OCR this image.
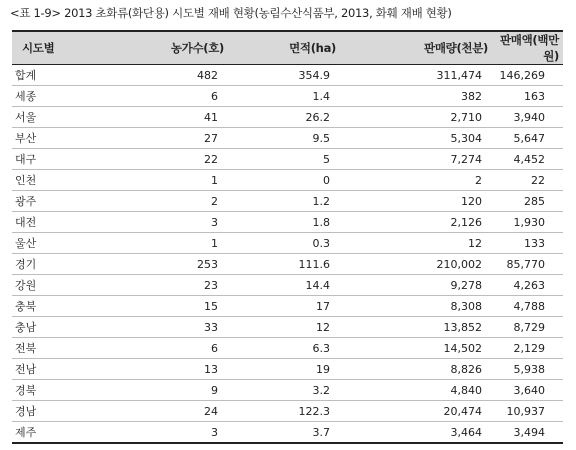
<표 1-9> 2013 초화류(화단용) 시도별 재배 현황(농림수산식품부, 2013, 화훼 재배 현황)
시도별	농가수(호)	면적(ha)	판매량(천분)	판매액(백만원)
합계	482	354.9	311,474	146,269
세종	6	1.4	382	163
서울	41	26.2	2,710	3,940
부산	27	9.5	5,304	5,647
대구	22	5	7,274	4,452
인천	1	0	2	22
광주	2	1.2	120	285
대전	3	1.8	2,126	1,930
울산	1	0.3	12	133
경기	253	111.6	210,002	85,770
강원	23	14.4	9,278	4,263
충북	15	17	8,308	4,788
충남	33	12	13,852	8,729
전북	6	6.3	14,502	2,129
전남	13	19	8,826	5,938
경북	9	3.2	4,840	3,640
경남	24	122.3	20,474	10,937
제주	3	3.7	3,464	3,494
